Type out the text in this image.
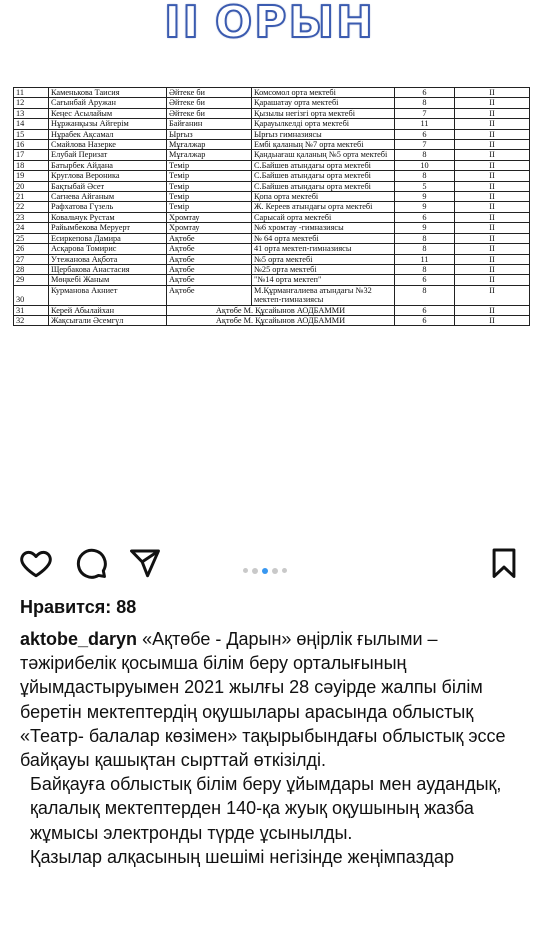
II ОРЫН
11	Каменькова Таисия	Әйтеке би	Комсомол орта мектебі	6	II
12	Сағынбай Аружан	Әйтеке би	Қарашатау орта мектебі	8	II
13	Кеңес Асылайым	Әйтеке би	Қызылы негізгі орта мектебі	7	II
14	Нұржанқызы Айгерім	Байғанин	Қарауылкелді орта мектебі	11	II
15	Нұрабек Ақсамал	Ырғыз	Ырғыз гимназиясы	6	II
16	Смайлова Назерке	Мұғалжар	Ембі қаланың №7 орта мектебі	7	II
17	Елубай Перизат	Мұғалжар	Қандыағаш қаланың №5 орта мектебі	8	II
18	Батырбек Айдана	Темір	С.Байшев атындағы орта мектебі	10	II
19	Круглова Вероника	Темір	С.Байшев атындағы орта мектебі	8	II
20	Бақтыбай Әсет	Темір	С.Байшев атындағы орта мектебі	5	II
21	Сағнева Айганым	Темір	Қопа орта мектебі	9	II
22	Рафхатова Гүзель	Темір	Ж. Кереев атындағы орта мектебі	9	II
23	Ковальчук Рустам	Хромтау	Сарысай орта мектебі	6	II
24	Райымбекова Меруерт	Хромтау	№6 хромтау -гимназиясы	9	II
25	Есиркепова Дамира	Ақтөбе	№ 64 орта мектебі	8	II
26	Асқарова Томирис	Ақтөбе	41 орта мектеп-гимназиясы	8	II
27	Утежанова Ақбота	Ақтөбе	№5 орта мектебі	11	II
28	Щербакова Анастасия	Ақтөбе	№25 орта мектебі	8	II
29	Мөңкебі Жаным	Ақтөбе	"№14 орта мектеп"	6	II
30	Курманова Акниет	Ақтөбе	М.Құрманғалиева атындағы №32 мектеп-гимназиясы	8	II
31	Керей Абылайхан	Ақтөбе М. Құсайынов АОДБАММИ		6	II
32	Жақсығали Әсемгүл	Ақтөбе М. Құсайынов АОДБАММИ		6	II
Нравится: 88

aktobe_daryn «Ақтөбе - Дарын» өңірлік ғылыми – тәжірибелік қосымша білім беру орталығының ұйымдастыруымен 2021 жылғы 28 сәуірде жалпы білім беретін мектептердің оқушылары арасында облыстық «Театр- балалар көзімен» тақырыбындағы облыстық эссе байқауы қашықтан сырттай өткізілді.

Байқауға облыстық білім беру ұйымдары мен аудандық, қалалық мектептерден 140-қа жуық оқушының жазба жұмысы электронды түрде ұсынылды.

Қазылар алқасының шешімі негізінде жеңімпаздар
